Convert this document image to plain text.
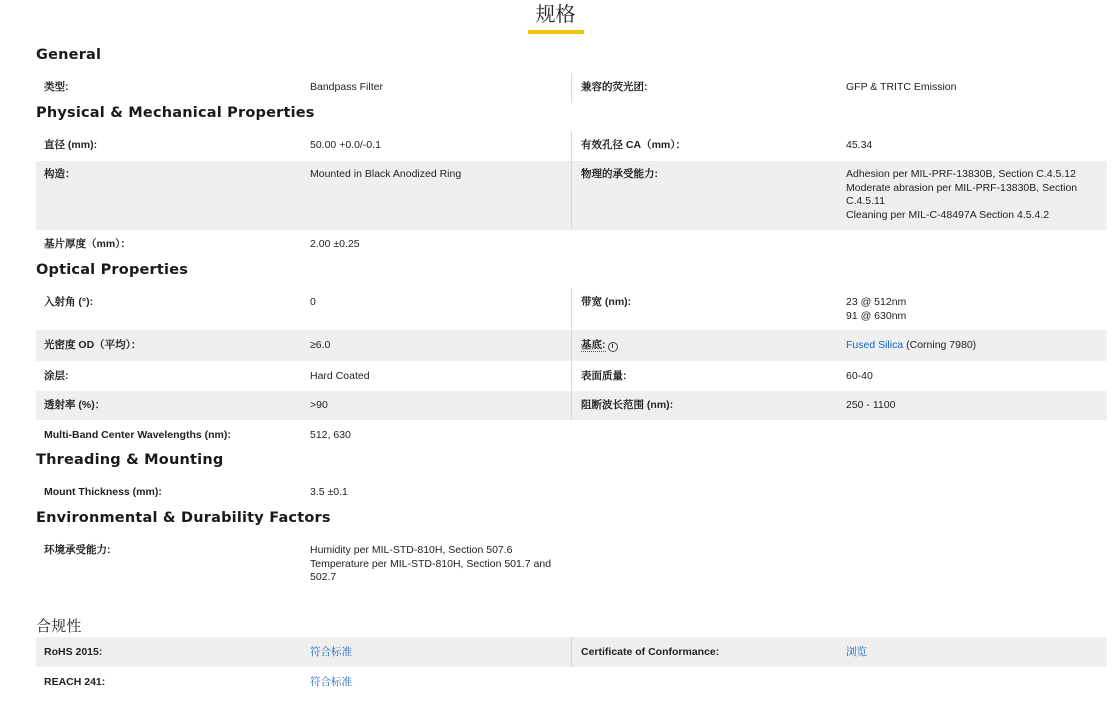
规格
General
类型:	Bandpass Filter	兼容的荧光团:	GFP & TRITC Emission
Physical & Mechanical Properties
直径 (mm):	50.00 +0.0/-0.1	有效孔径 CA（mm）：	45.34
构造：	Mounted in Black Anodized Ring	物理的承受能力:	Adhesion per MIL-PRF-13830B, Section C.4.5.12
Moderate abrasion per MIL-PRF-13830B, Section C.4.5.11
Cleaning per MIL-C-48497A Section 4.5.4.2
基片厚度（mm）：	2.00 ±0.25
Optical Properties
入射角 (°):	0	带宽 (nm):	23 @ 512nm
91 @ 630nm
光密度 OD（平均）：	≥6.0	基底: i	Fused Silica (Corning 7980)
涂层:	Hard Coated	表面质量:	60-40
透射率 (%)：	>90	阻断波长范围 (nm):	250 - 1100
Multi-Band Center Wavelengths (nm):	512, 630
Threading & Mounting
Mount Thickness (mm):	3.5 ±0.1
Environmental & Durability Factors
环境承受能力:	Humidity per MIL-STD-810H, Section 507.6
Temperature per MIL-STD-810H, Section 501.7 and 502.7
合规性
RoHS 2015:	符合标准	Certificate of Conformance:	浏览
REACH 241:	符合标准
